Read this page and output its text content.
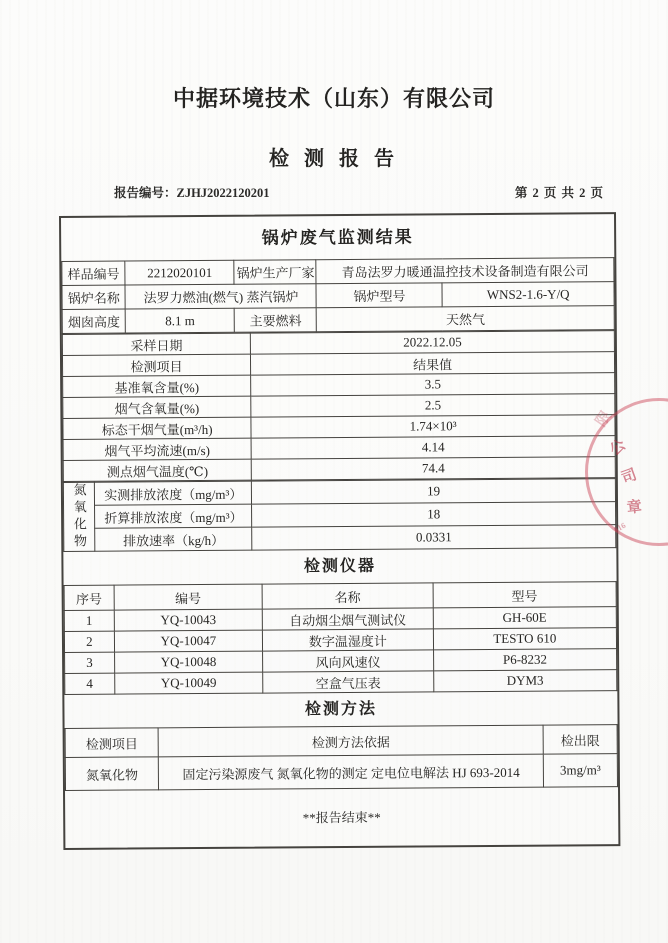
中据环境技术（山东）有限公司
检 测 报 告
报告编号：ZJHJ2022120201	第 2 页 共 2 页
锅炉废气监测结果
样品编号	2212020101	锅炉生产厂家	青岛法罗力暖通温控技术设备制造有限公司	
锅炉名称	法罗力燃油(燃气) 蒸汽锅炉		锅炉型号	WNS2-1.6-Y/Q
烟囱高度	8.1 m	主要燃料	天然气	
采样日期	2022.12.05
检测项目	结果值
基准氧含量(%)	3.5
烟气含氧量(%)	2.5
标态干烟气量(m³/h)	1.74×10³
烟气平均流速(m/s)	4.14
测点烟气温度(℃)	74.4
氮氧化物	实测排放浓度（mg/m³）	19
	折算排放浓度（mg/m³）	18
	排放速率（kg/h）	0.0331
检测仪器
序号	编号	名称	型号
1	YQ-10043	自动烟尘烟气测试仪	GH-60E
2	YQ-10047	数字温湿度计	TESTO 610
3	YQ-10048	风向风速仪	P6-8232
4	YQ-10049	空盒气压表	DYM3
检测方法
检测项目	检测方法依据	检出限
氮氧化物	固定污染源废气 氮氧化物的测定 定电位电解法 HJ 693-2014	3mg/m³
**报告结束**
限
公
司
章
016
